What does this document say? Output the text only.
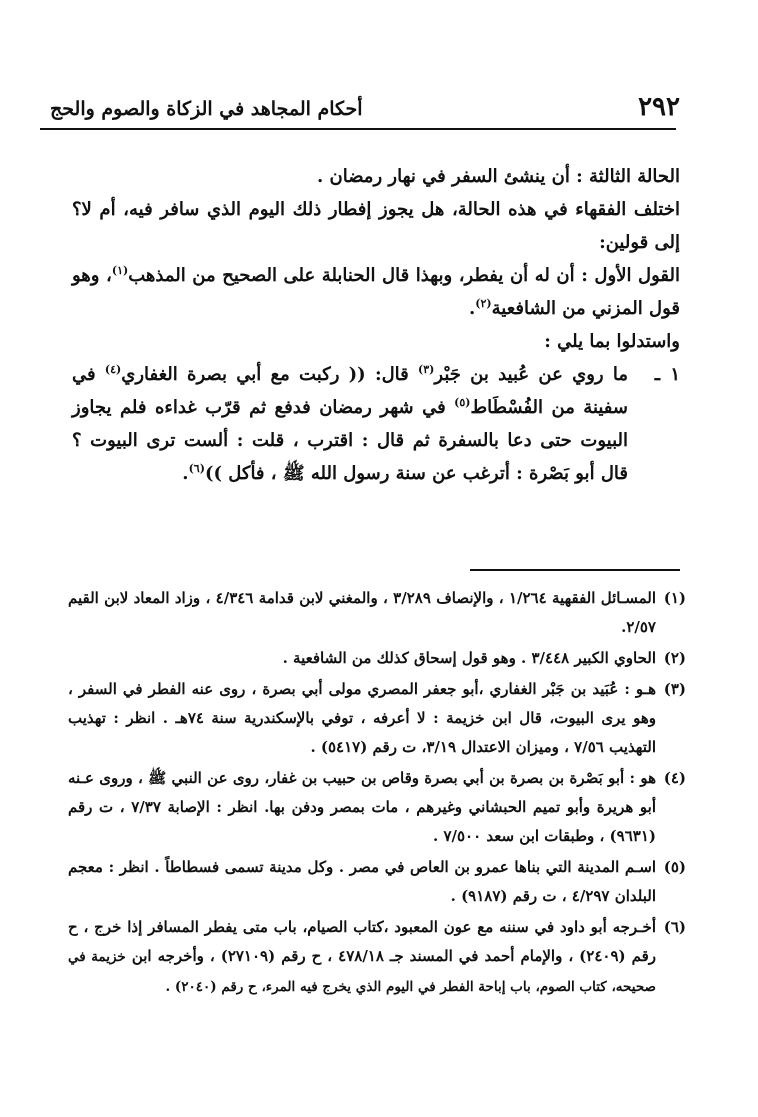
٢٩٢
أحكام المجاهد في الزكاة والصوم والحج

الحالة الثالثة : أن ينشئ السفر في نهار رمضان .

اختلف الفقهاء في هذه الحالة، هل يجوز إفطار ذلك اليوم الذي سافر فيه، أم لا؟ إلى قولين:

القول الأول : أن له أن يفطر، وبهذا قال الحنابلة على الصحيح من المذهب$^{(١)}$، وهو قول المزني من الشافعية$^{(٢)}$.

واستدلوا بما يلي :

١
ـ

ما روي عن عُبيد بن جَبْر$^{(٣)}$ قال: (( ركبت مع أبي بصرة الغفاري$^{(٤)}$ في سفينة من الفُسْطَاط$^{(٥)}$ في شهر رمضان فدفع ثم قرّب غداءه فلم يجاوز البيوت حتى دعا بالسفرة ثم قال : اقترب ، قلت : ألست ترى البيوت ؟ قال أبو بَصْرة : أترغب عن سنة رسول الله ﷺ ، فأكل ))$^{(٦)}$.

(١)
المسـائل الفقهية ١/٢٦٤ ، والإنصاف ٣/٢٨٩ ، والمغني لابن قدامة ٤/٣٤٦ ، وزاد المعاد لابن القيم ٢/٥٧.

(٢)
الحاوي الكبير ٣/٤٤٨ . وهو قول إسحاق كذلك من الشافعية .

(٣)
هـو : عُبَيد بن جَبْر الغفاري ،أبو جعفر المصري مولى أبي بصرة ، روى عنه الفطر في السفر ، وهو يرى البيوت، قال ابن خزيمة : لا أعرفه ، توفي بالإسكندرية سنة ٧٤هـ . انظر : تهذيب التهذيب ٧/٥٦ ، وميزان الاعتدال ٣/١٩، ت رقم (٥٤١٧) .

(٤)
هو : أبو بَصْرة بن بصرة بن أبي بصرة وقاص بن حبيب بن غفار، روى عن النبي ﷺ ، وروى عـنه أبو هريرة وأبو تميم الحبشاني وغيرهم ، مات بمصر ودفن بها. انظر : الإصابة ٧/٣٧ ، ت رقم (٩٦٣١) ، وطبقات ابن سعد ٧/٥٠٠ .

(٥)
اسـم المدينة التي بناها عمرو بن العاص في مصر . وكل مدينة تسمى فسطاطاً . انظر : معجم البلدان ٤/٢٩٧ ، ت رقم (٩١٨٧) .

(٦)
أخـرجه أبو داود في سننه مع عون المعبود ،كتاب الصيام، باب متى يفطر المسافر إذا خرج ، ح رقم (٢٤٠٩) ، والإمام أحمد في المسند جـ ٤٧٨/١٨ ، ح رقم (٢٧١٠٩) ، وأخرجه ابن خزيمة في صحيحه، كتاب الصوم، باب إباحة الفطر في اليوم الذي يخرج فيه المرء، ح رقم (٢٠٤٠) .
